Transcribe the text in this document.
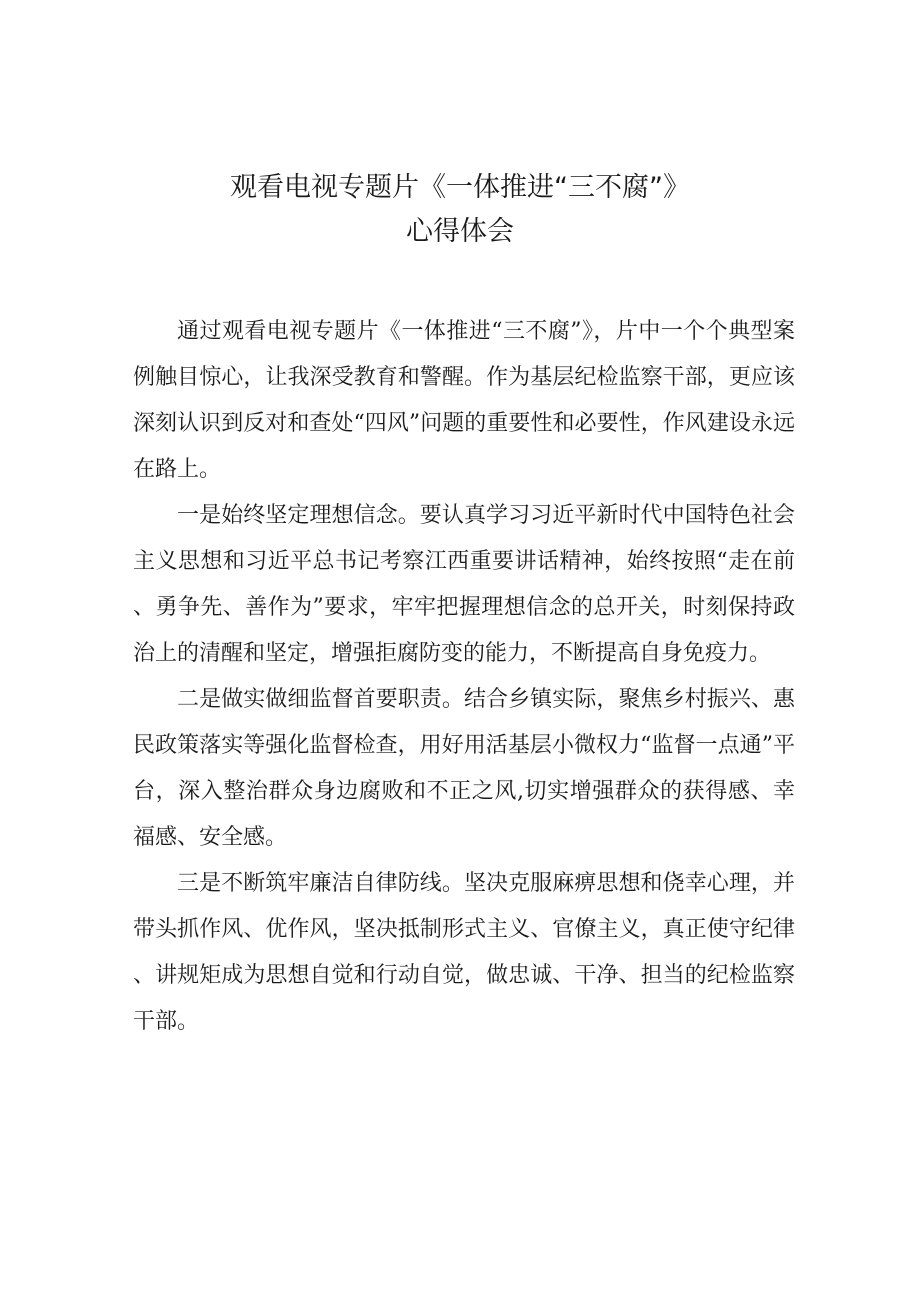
观看电视专题片《一体推进“三不腐”》
心得体会

通过观看电视专题片《一体推进“三不腐”》，片中一个个典型案例触目惊心，让我深受教育和警醒。作为基层纪检监察干部，更应该深刻认识到反对和查处“四风”问题的重要性和必要性，作风建设永远在路上。

一是始终坚定理想信念。要认真学习习近平新时代中国特色社会主义思想和习近平总书记考察江西重要讲话精神，始终按照“走在前、勇争先、善作为”要求，牢牢把握理想信念的总开关，时刻保持政治上的清醒和坚定，增强拒腐防变的能力，不断提高自身免疫力。

二是做实做细监督首要职责。结合乡镇实际，聚焦乡村振兴、惠民政策落实等强化监督检查，用好用活基层小微权力“监督一点通”平台，深入整治群众身边腐败和不正之风,切实增强群众的获得感、幸福感、安全感。

三是不断筑牢廉洁自律防线。坚决克服麻痹思想和侥幸心理，并带头抓作风、优作风，坚决抵制形式主义、官僚主义，真正使守纪律、讲规矩成为思想自觉和行动自觉，做忠诚、干净、担当的纪检监察干部。
